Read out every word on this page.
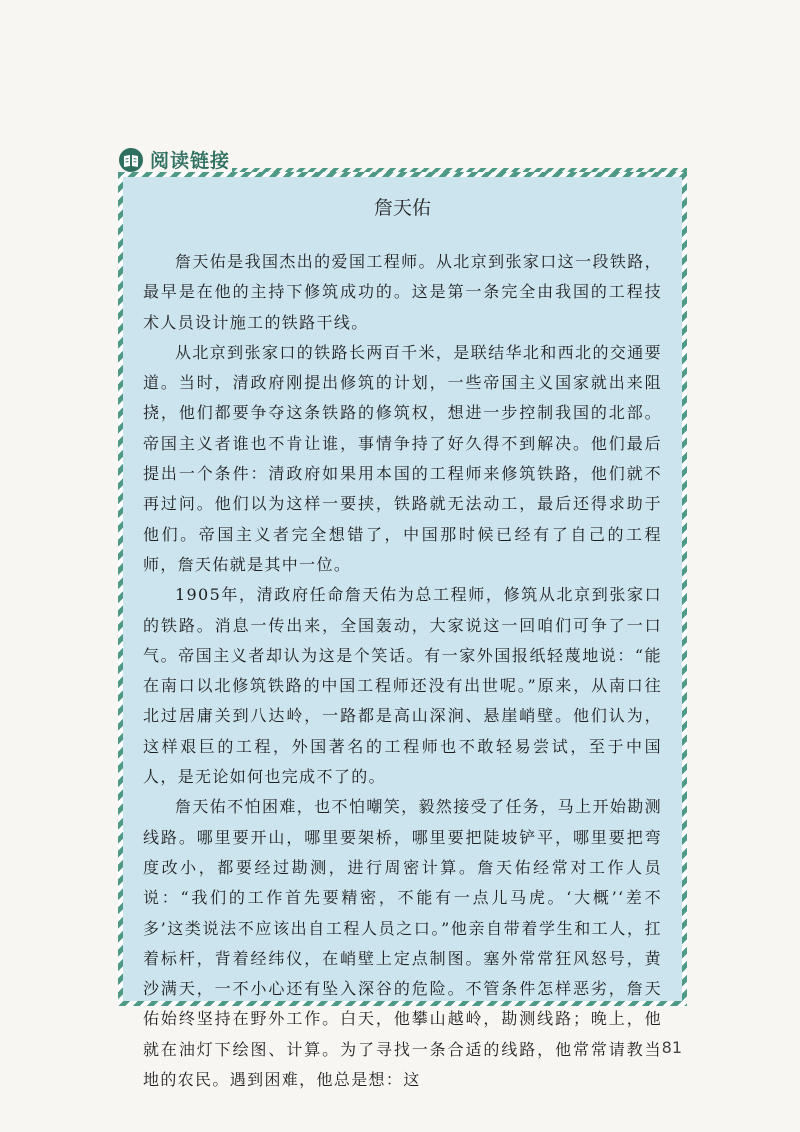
阅读链接
詹天佑

詹天佑是我国杰出的爱国工程师。从北京到张家口这一段铁路，最早是在他的主持下修筑成功的。这是第一条完全由我国的工程技术人员设计施工的铁路干线。

从北京到张家口的铁路长两百千米，是联结华北和西北的交通要道。当时，清政府刚提出修筑的计划，一些帝国主义国家就出来阻挠，他们都要争夺这条铁路的修筑权，想进一步控制我国的北部。帝国主义者谁也不肯让谁，事情争持了好久得不到解决。他们最后提出一个条件：清政府如果用本国的工程师来修筑铁路，他们就不再过问。他们以为这样一要挟，铁路就无法动工，最后还得求助于他们。帝国主义者完全想错了，中国那时候已经有了自己的工程师，詹天佑就是其中一位。

1905年，清政府任命詹天佑为总工程师，修筑从北京到张家口的铁路。消息一传出来，全国轰动，大家说这一回咱们可争了一口气。帝国主义者却认为这是个笑话。有一家外国报纸轻蔑地说：“能在南口以北修筑铁路的中国工程师还没有出世呢。”原来，从南口往北过居庸关到八达岭，一路都是高山深涧、悬崖峭壁。他们认为，这样艰巨的工程，外国著名的工程师也不敢轻易尝试，至于中国人，是无论如何也完成不了的。

詹天佑不怕困难，也不怕嘲笑，毅然接受了任务，马上开始勘测线路。哪里要开山，哪里要架桥，哪里要把陡坡铲平，哪里要把弯度改小，都要经过勘测，进行周密计算。詹天佑经常对工作人员说：“我们的工作首先要精密，不能有一点儿马虎。‘大概’‘差不多’这类说法不应该出自工程人员之口。”他亲自带着学生和工人，扛着标杆，背着经纬仪，在峭壁上定点制图。塞外常常狂风怒号，黄沙满天，一不小心还有坠入深谷的危险。不管条件怎样恶劣，詹天佑始终坚持在野外工作。白天，他攀山越岭，勘测线路；晚上，他就在油灯下绘图、计算。为了寻找一条合适的线路，他常常请教当地的农民。遇到困难，他总是想：这

81
